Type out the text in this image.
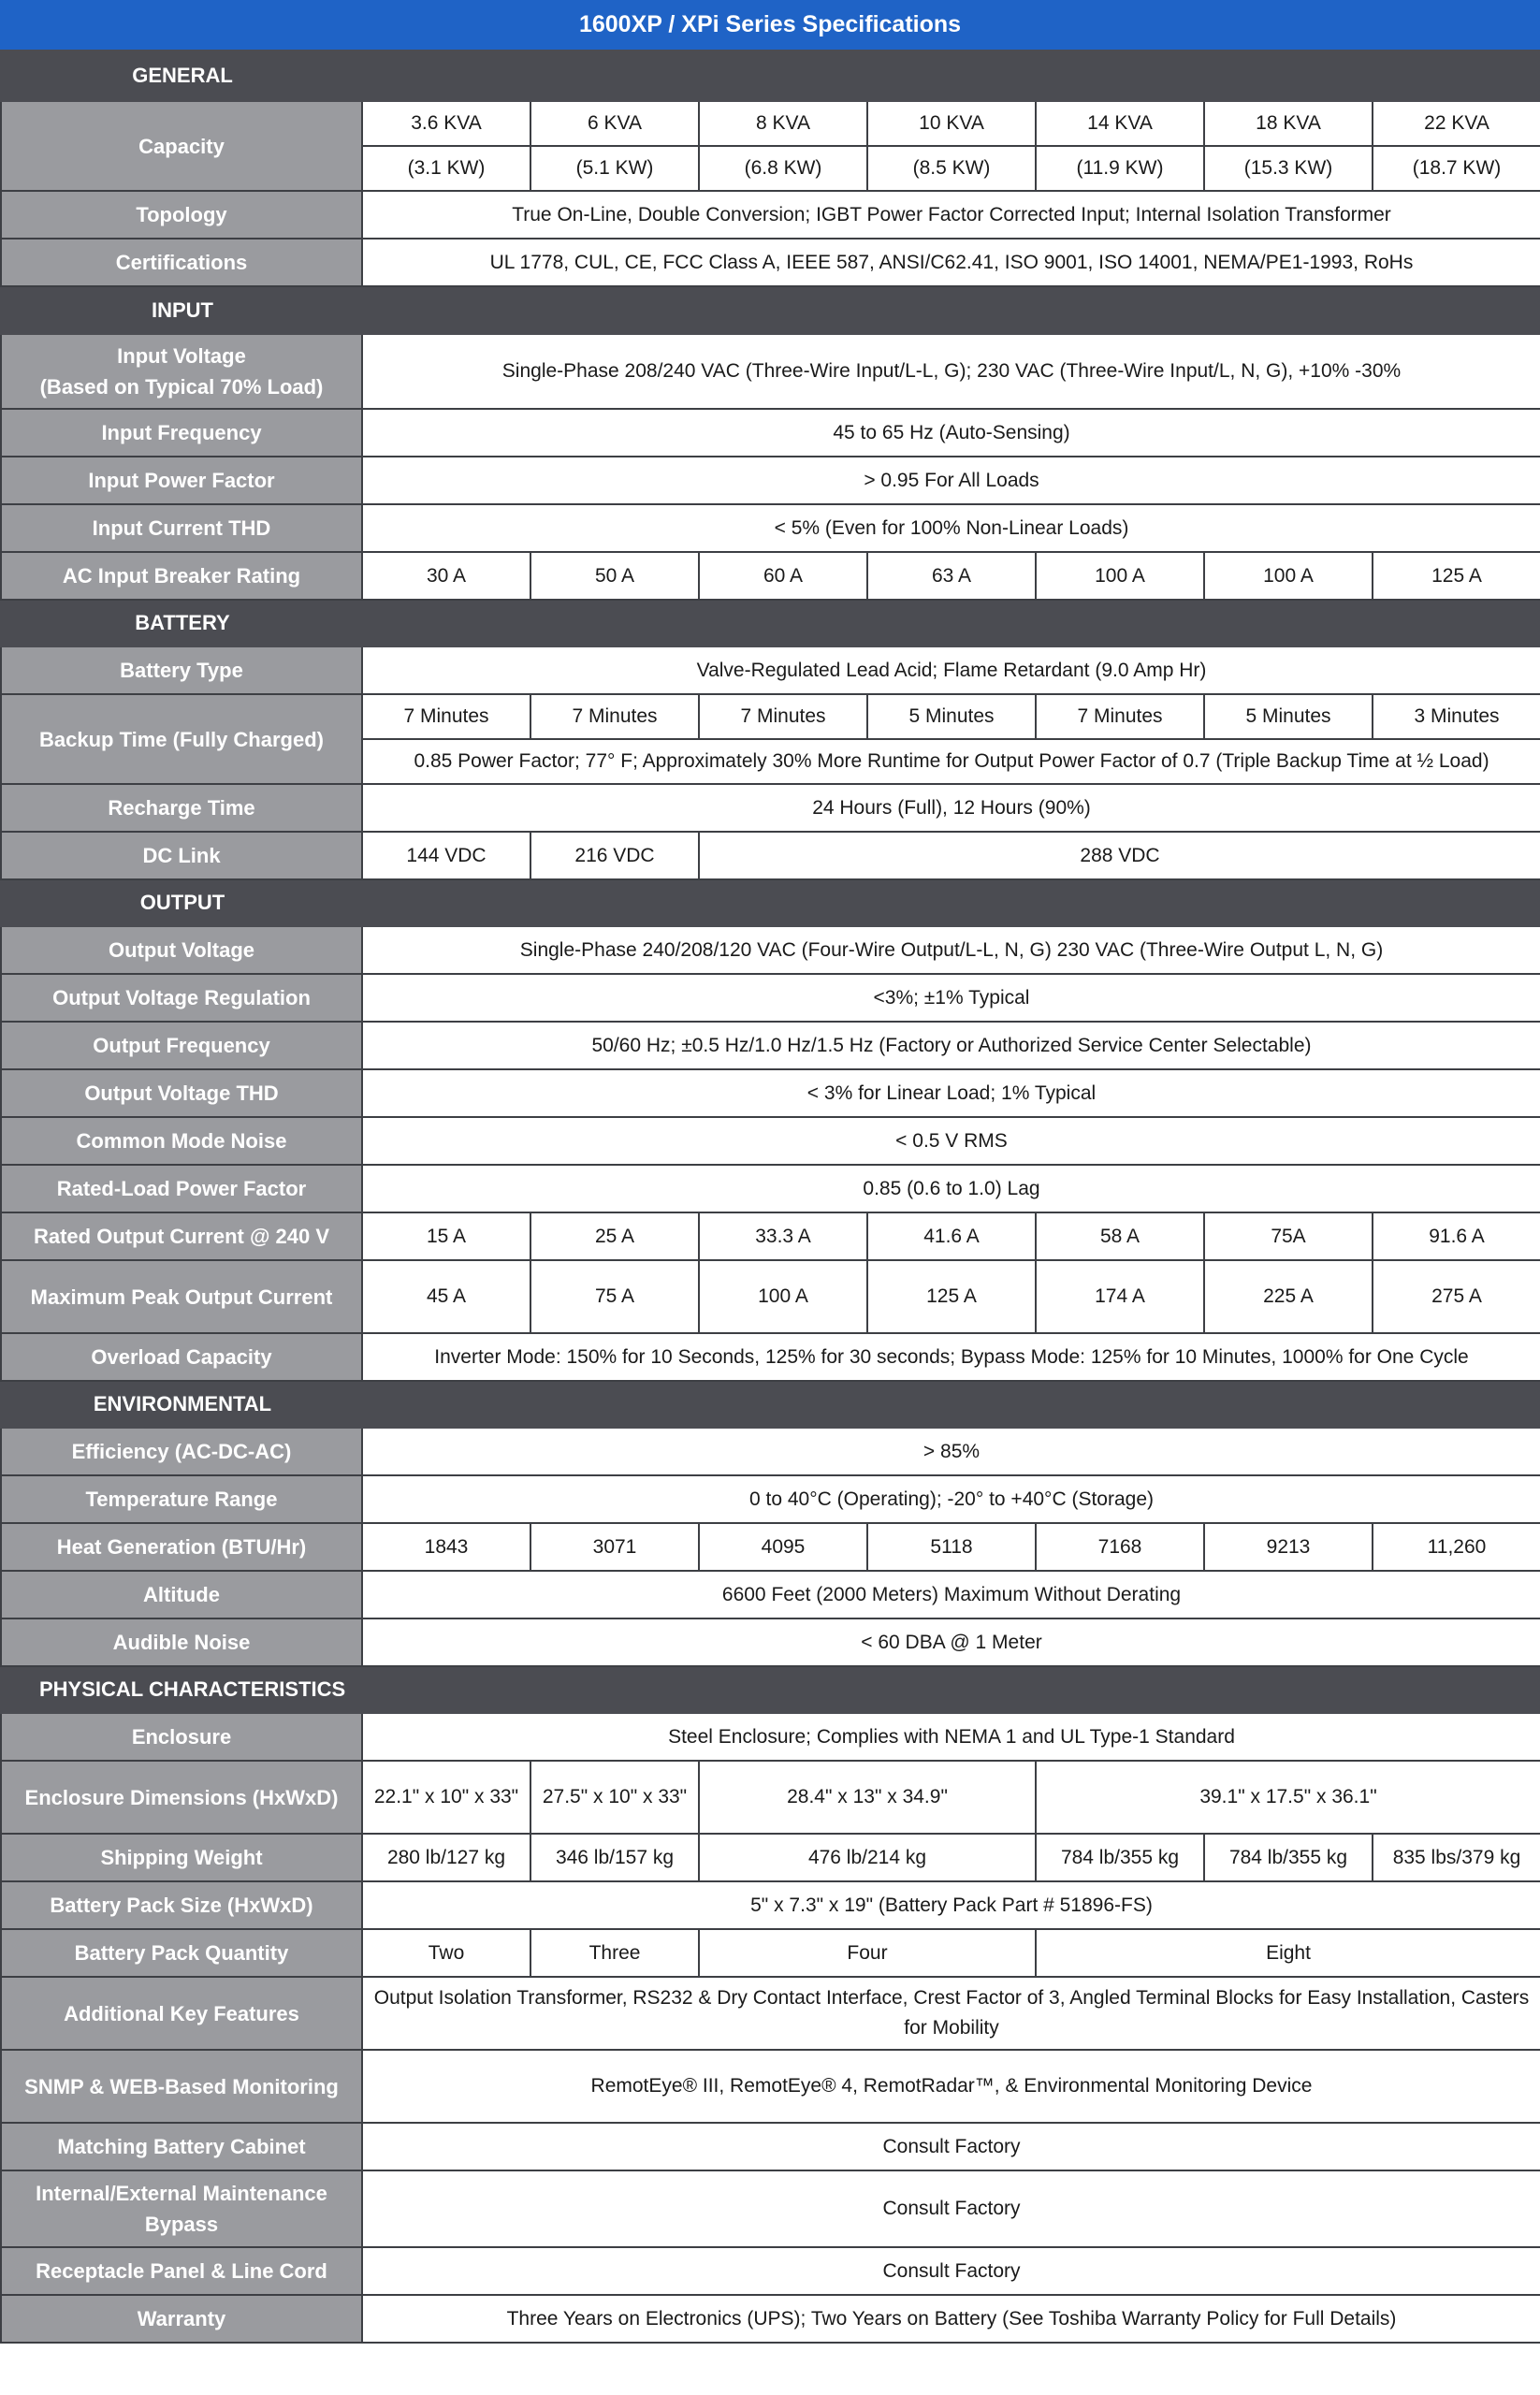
1600XP / XPi Series Specifications
GENERAL							
Capacity	3.6 KVA	6 KVA	8 KVA	10 KVA	14 KVA	18 KVA	22 KVA
	(3.1 KW)	(5.1 KW)	(6.8 KW)	(8.5 KW)	(11.9 KW)	(15.3 KW)	(18.7 KW)
Topology	True On-Line, Double Conversion; IGBT Power Factor Corrected Input; Internal Isolation Transformer						
Certifications	UL 1778, CUL, CE, FCC Class A, IEEE 587, ANSI/C62.41, ISO 9001, ISO 14001, NEMA/PE1-1993, RoHs						
INPUT							
Input Voltage
(Based on Typical 70% Load)	Single-Phase 208/240 VAC (Three-Wire Input/L-L, G); 230 VAC (Three-Wire Input/L, N, G), +10% -30%						
Input Frequency	45 to 65 Hz (Auto-Sensing)						
Input Power Factor	> 0.95 For All Loads						
Input Current THD	< 5% (Even for 100% Non-Linear Loads)						
AC Input Breaker Rating	30 A	50 A	60 A	63 A	100 A	100 A	125 A
BATTERY							
Battery Type	Valve-Regulated Lead Acid; Flame Retardant (9.0 Amp Hr)						
Backup Time (Fully Charged)	7 Minutes	7 Minutes	7 Minutes	5 Minutes	7 Minutes	5 Minutes	3 Minutes
	0.85 Power Factor; 77° F; Approximately 30% More Runtime for Output Power Factor of 0.7 (Triple Backup Time at ½ Load)						
Recharge Time	24 Hours (Full), 12 Hours (90%)						
DC Link	144 VDC	216 VDC	288 VDC				
OUTPUT							
Output Voltage	Single-Phase 240/208/120 VAC (Four-Wire Output/L-L, N, G) 230 VAC (Three-Wire Output L, N, G)						
Output Voltage Regulation	<3%; ±1% Typical						
Output Frequency	50/60 Hz; ±0.5 Hz/1.0 Hz/1.5 Hz (Factory or Authorized Service Center Selectable)						
Output Voltage THD	< 3% for Linear Load; 1% Typical						
Common Mode Noise	< 0.5 V RMS						
Rated-Load Power Factor	0.85 (0.6 to 1.0) Lag						
Rated Output Current @ 240 V	15 A	25 A	33.3 A	41.6 A	58 A	75A	91.6 A
Maximum Peak Output Current	45 A	75 A	100 A	125 A	174 A	225 A	275 A
Overload Capacity	Inverter Mode: 150% for 10 Seconds, 125% for 30 seconds; Bypass Mode: 125% for 10 Minutes, 1000% for One Cycle						
ENVIRONMENTAL							
Efficiency (AC-DC-AC)	> 85%						
Temperature Range	0 to 40°C (Operating); -20° to +40°C (Storage)						
Heat Generation (BTU/Hr)	1843	3071	4095	5118	7168	9213	11,260
Altitude	6600 Feet (2000 Meters) Maximum Without Derating						
Audible Noise	< 60 DBA @ 1 Meter						
PHYSICAL CHARACTERISTICS							
Enclosure	Steel Enclosure; Complies with NEMA 1 and UL Type-1 Standard						
Enclosure Dimensions (HxWxD)	22.1" x 10" x 33"	27.5" x 10" x 33"	28.4" x 13" x 34.9"		39.1" x 17.5" x 36.1"		
Shipping Weight	280 lb/127 kg	346 lb/157 kg	476 lb/214 kg		784 lb/355 kg	784 lb/355 kg	835 lbs/379 kg
Battery Pack Size (HxWxD)	5" x 7.3" x 19" (Battery Pack Part # 51896-FS)						
Battery Pack Quantity	Two	Three	Four		Eight		
Additional Key Features	Output Isolation Transformer, RS232 & Dry Contact Interface, Crest Factor of 3, Angled Terminal Blocks for Easy Installation, Casters for Mobility						
SNMP & WEB-Based Monitoring	RemotEye® III, RemotEye® 4, RemotRadar™, & Environmental Monitoring Device						
Matching Battery Cabinet	Consult Factory						
Internal/External Maintenance Bypass	Consult Factory						
Receptacle Panel & Line Cord	Consult Factory						
Warranty	Three Years on Electronics (UPS); Two Years on Battery (See Toshiba Warranty Policy for Full Details)						
